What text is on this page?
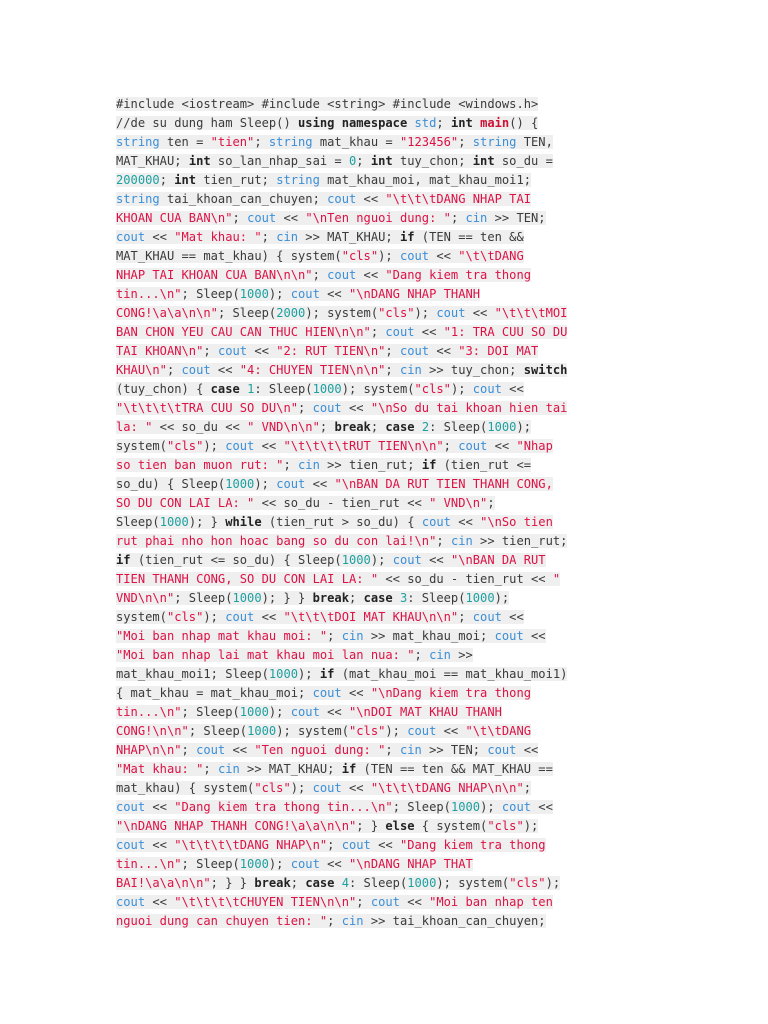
#include <iostream> #include <string> #include <windows.h>
//de su dung ham Sleep() using namespace std; int main() {
string ten = "tien"; string mat_khau = "123456"; string TEN,
MAT_KHAU; int so_lan_nhap_sai = 0; int tuy_chon; int so_du =
200000; int tien_rut; string mat_khau_moi, mat_khau_moi1;
string tai_khoan_can_chuyen; cout << "\t\t\tDANG NHAP TAI
KHOAN CUA BAN\n"; cout << "\nTen nguoi dung: "; cin >> TEN;
cout << "Mat khau: "; cin >> MAT_KHAU; if (TEN == ten &&
MAT_KHAU == mat_khau) { system("cls"); cout << "\t\tDANG
NHAP TAI KHOAN CUA BAN\n\n"; cout << "Dang kiem tra thong
tin...\n"; Sleep(1000); cout << "\nDANG NHAP THANH
CONG!\a\a\n\n"; Sleep(2000); system("cls"); cout << "\t\t\tMOI
BAN CHON YEU CAU CAN THUC HIEN\n\n"; cout << "1: TRA CUU SO DU
TAI KHOAN\n"; cout << "2: RUT TIEN\n"; cout << "3: DOI MAT
KHAU\n"; cout << "4: CHUYEN TIEN\n\n"; cin >> tuy_chon; switch
(tuy_chon) { case 1: Sleep(1000); system("cls"); cout <<
"\t\t\t\tTRA CUU SO DU\n"; cout << "\nSo du tai khoan hien tai
la: " << so_du << " VND\n\n"; break; case 2: Sleep(1000);
system("cls"); cout << "\t\t\t\tRUT TIEN\n\n"; cout << "Nhap
so tien ban muon rut: "; cin >> tien_rut; if (tien_rut <=
so_du) { Sleep(1000); cout << "\nBAN DA RUT TIEN THANH CONG,
SO DU CON LAI LA: " << so_du - tien_rut << " VND\n";
Sleep(1000); } while (tien_rut > so_du) { cout << "\nSo tien
rut phai nho hon hoac bang so du con lai!\n"; cin >> tien_rut;
if (tien_rut <= so_du) { Sleep(1000); cout << "\nBAN DA RUT
TIEN THANH CONG, SO DU CON LAI LA: " << so_du - tien_rut << "
VND\n\n"; Sleep(1000); } } break; case 3: Sleep(1000);
system("cls"); cout << "\t\t\tDOI MAT KHAU\n\n"; cout <<
"Moi ban nhap mat khau moi: "; cin >> mat_khau_moi; cout <<
"Moi ban nhap lai mat khau moi lan nua: "; cin >>
mat_khau_moi1; Sleep(1000); if (mat_khau_moi == mat_khau_moi1)
{ mat_khau = mat_khau_moi; cout << "\nDang kiem tra thong
tin...\n"; Sleep(1000); cout << "\nDOI MAT KHAU THANH
CONG!\n\n"; Sleep(1000); system("cls"); cout << "\t\tDANG
NHAP\n\n"; cout << "Ten nguoi dung: "; cin >> TEN; cout <<
"Mat khau: "; cin >> MAT_KHAU; if (TEN == ten && MAT_KHAU ==
mat_khau) { system("cls"); cout << "\t\t\tDANG NHAP\n\n";
cout << "Dang kiem tra thong tin...\n"; Sleep(1000); cout <<
"\nDANG NHAP THANH CONG!\a\a\n\n"; } else { system("cls");
cout << "\t\t\t\tDANG NHAP\n"; cout << "Dang kiem tra thong
tin...\n"; Sleep(1000); cout << "\nDANG NHAP THAT
BAI!\a\a\n\n"; } } break; case 4: Sleep(1000); system("cls");
cout << "\t\t\t\tCHUYEN TIEN\n\n"; cout << "Moi ban nhap ten
nguoi dung can chuyen tien: "; cin >> tai_khoan_can_chuyen;
